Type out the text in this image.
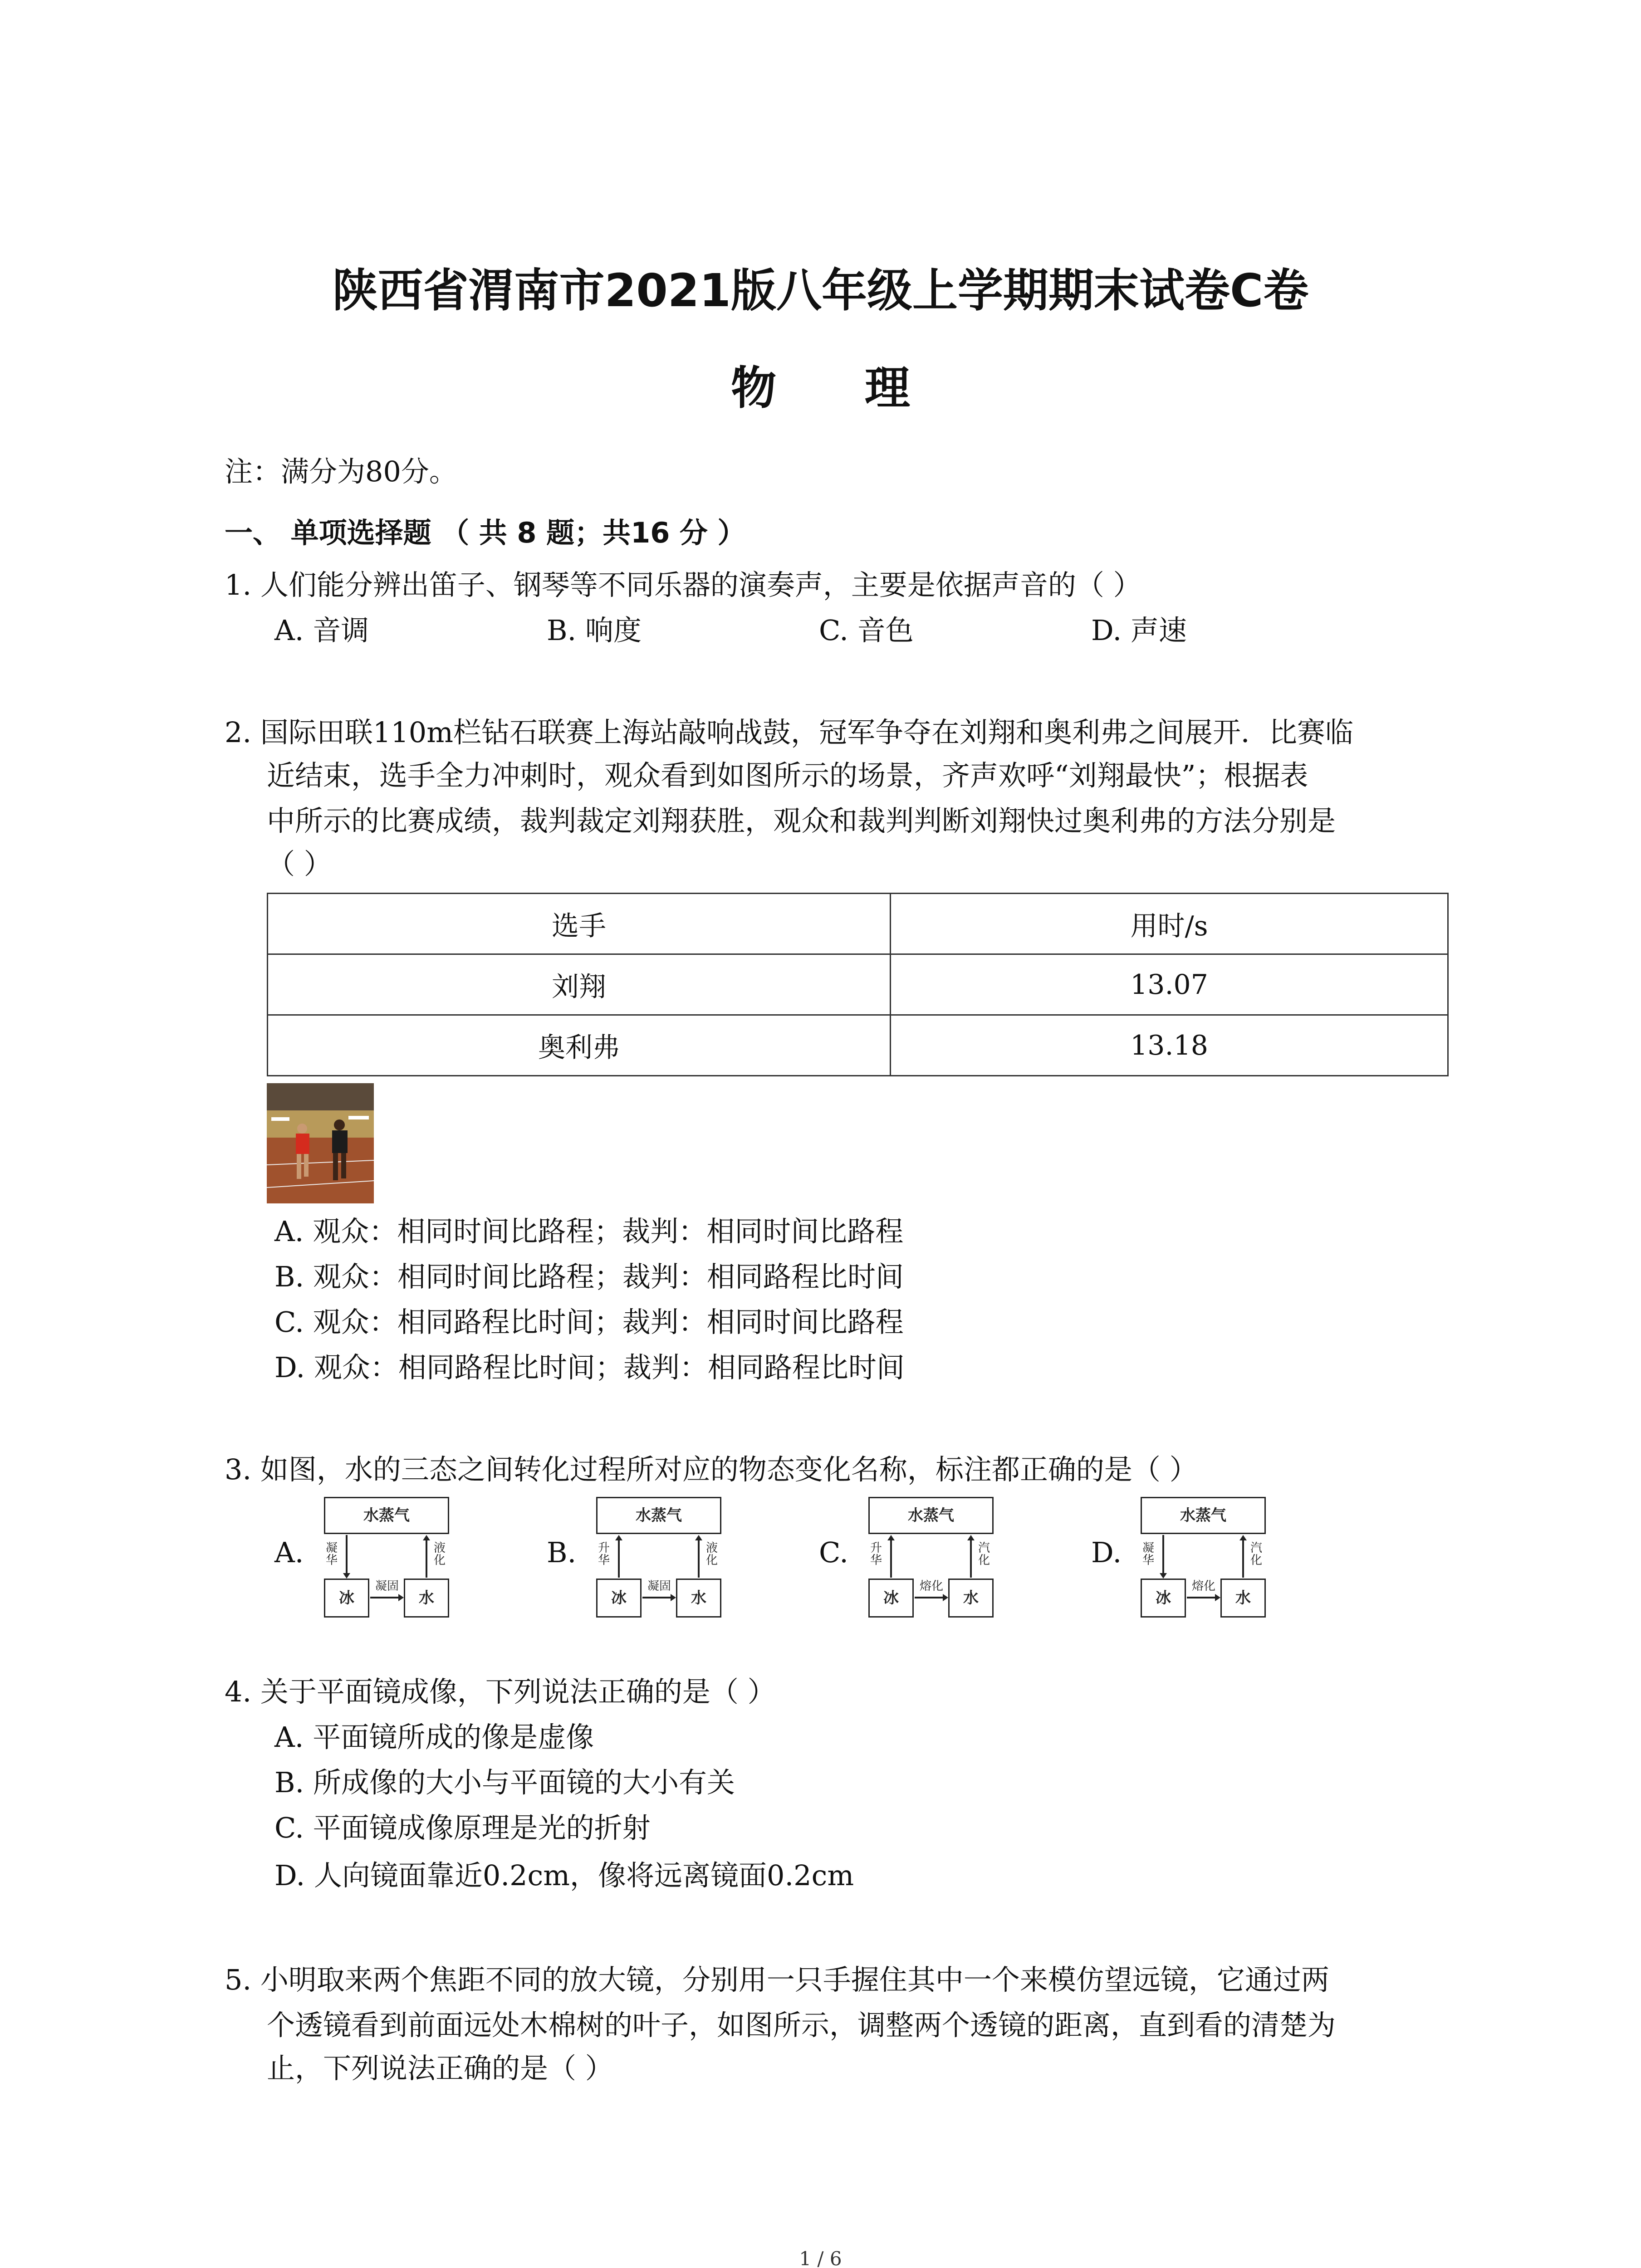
陕西省渭南市2021版八年级上学期期末试卷C卷
物 理
注：满分为80分。
一、 单项选择题 （ 共 8 题；共16 分 ）
1. 人们能分辨出笛子、钢琴等不同乐器的演奏声，主要是依据声音的（ ）
A. 音调	B. 响度	C. 音色	D. 声速
2. 国际田联110m栏钻石联赛上海站敲响战鼓，冠军争夺在刘翔和奥利弗之间展开．比赛临
近结束，选手全力冲刺时，观众看到如图所示的场景，齐声欢呼“刘翔最快”；根据表
中所示的比赛成绩，裁判裁定刘翔获胜，观众和裁判判断刘翔快过奥利弗的方法分别是
（ ）
选手	用时/s
刘翔	13.07
奥利弗	13.18
A. 观众：相同时间比路程；裁判：相同时间比路程
B. 观众：相同时间比路程；裁判：相同路程比时间
C. 观众：相同路程比时间；裁判：相同时间比路程
D. 观众：相同路程比时间；裁判：相同路程比时间
3. 如图，水的三态之间转化过程所对应的物态变化名称，标注都正确的是（ ）
A.
水蒸气
冰	水
凝华
凝固
液化	B.
水蒸气
冰	水
升华
凝固
液化	C.
水蒸气
冰	水
升华
熔化
汽化	D.
水蒸气
冰	水
凝华
熔化
汽化
4. 关于平面镜成像，下列说法正确的是（ ）
A. 平面镜所成的像是虚像
B. 所成像的大小与平面镜的大小有关
C. 平面镜成像原理是光的折射
D. 人向镜面靠近0.2cm，像将远离镜面0.2cm
5. 小明取来两个焦距不同的放大镜，分别用一只手握住其中一个来模仿望远镜，它通过两
个透镜看到前面远处木棉树的叶子，如图所示，调整两个透镜的距离，直到看的清楚为
止，下列说法正确的是（ ）
1 / 6
